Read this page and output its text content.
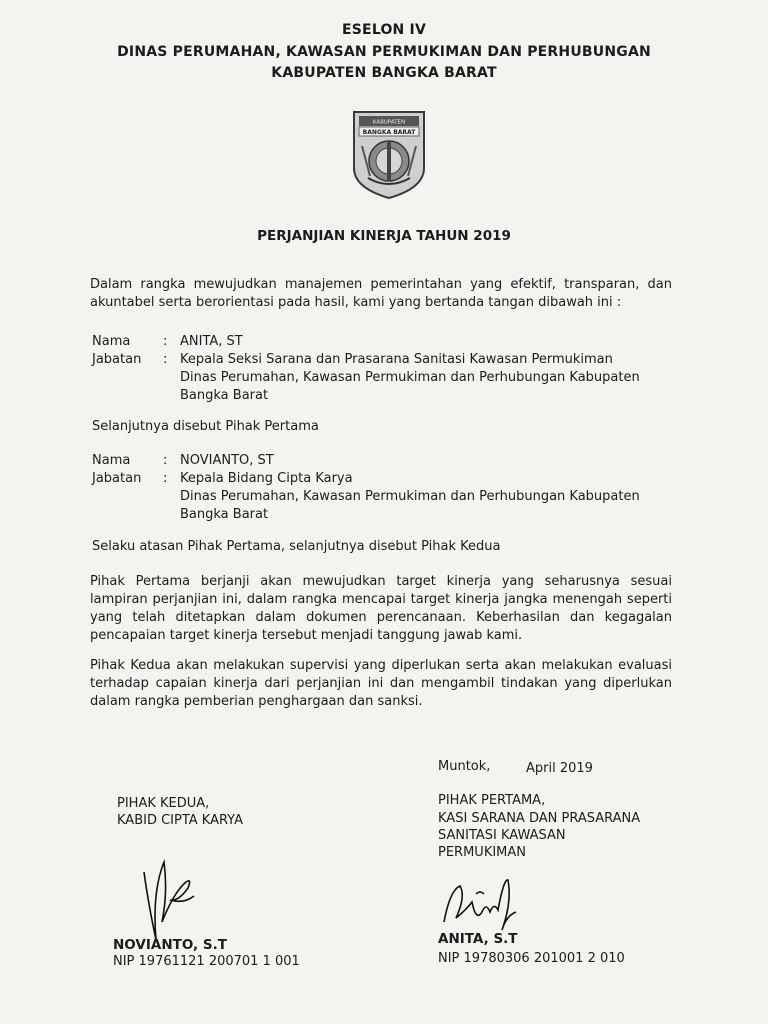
ESELON IV
DINAS PERUMAHAN, KAWASAN PERMUKIMAN DAN PERHUBUNGAN
KABUPATEN BANGKA BARAT
KABUPATEN
BANGKA BARAT
PERJANJIAN KINERJA TAHUN 2019
Dalam rangka mewujudkan manajemen pemerintahan yang efektif, transparan, dan akuntabel serta berorientasi pada hasil, kami yang bertanda tangan dibawah ini :
Nama	: ANITA, ST
Jabatan : Kepala Seksi Sarana dan Prasarana Sanitasi Kawasan Permukiman
Dinas Perumahan, Kawasan Permukiman dan Perhubungan Kabupaten
Bangka Barat
Selanjutnya disebut Pihak Pertama
Nama	: NOVIANTO, ST
Jabatan : Kepala Bidang Cipta Karya
Dinas Perumahan, Kawasan Permukiman dan Perhubungan Kabupaten
Bangka Barat
Selaku atasan Pihak Pertama, selanjutnya disebut Pihak Kedua
Pihak Pertama berjanji akan mewujudkan target kinerja yang seharusnya sesuai lampiran perjanjian ini, dalam rangka mencapai target kinerja jangka menengah seperti yang telah ditetapkan dalam dokumen perencanaan. Keberhasilan dan kegagalan pencapaian target kinerja tersebut menjadi tanggung jawab kami.
Pihak Kedua akan melakukan supervisi yang diperlukan serta akan melakukan evaluasi terhadap capaian kinerja dari perjanjian ini dan mengambil tindakan yang diperlukan dalam rangka pemberian penghargaan dan sanksi.
Muntok,	April 2019
PIHAK KEDUA,
KABID CIPTA KARYA
NOVIANTO, S.T
NIP 19761121 200701 1 001
PIHAK PERTAMA,
KASI SARANA DAN PRASARANA
SANITASI KAWASAN
PERMUKIMAN
ANITA, S.T
NIP 19780306 201001 2 010
